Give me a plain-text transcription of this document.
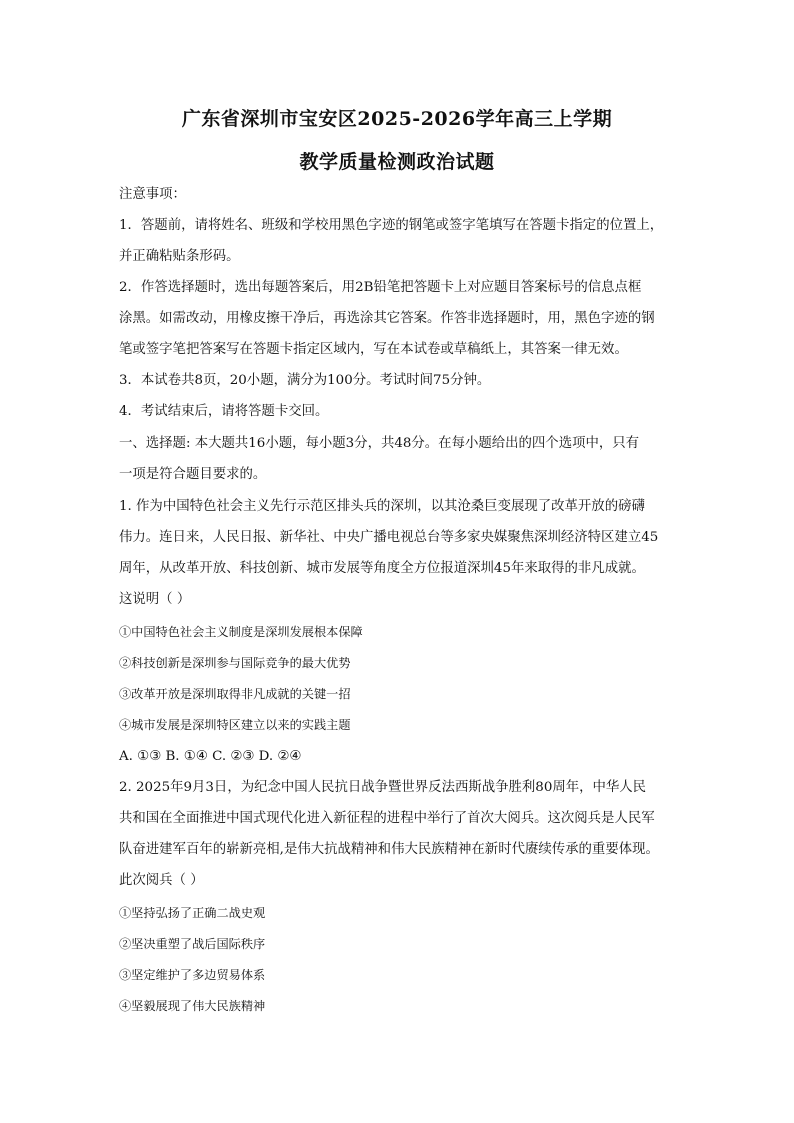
广东省深圳市宝安区2025-2026学年高三上学期
教学质量检测政治试题
注意事项：
1．答题前，请将姓名、班级和学校用黑色字迹的钢笔或签字笔填写在答题卡指定的位置上，
并正确粘贴条形码。
2．作答选择题时，选出每题答案后，用2B铅笔把答题卡上对应题目答案标号的信息点框
涂黑。如需改动，用橡皮擦干净后，再选涂其它答案。作答非选择题时，用，黑色字迹的钢
笔或签字笔把答案写在答题卡指定区域内，写在本试卷或草稿纸上，其答案一律无效。
3．本试卷共8页，20小题，满分为100分。考试时间75分钟。
4．考试结束后，请将答题卡交回。
一、选择题: 本大题共16小题，每小题3分，共48分。在每小题给出的四个选项中，只有
一项是符合题目要求的。
1. 作为中国特色社会主义先行示范区排头兵的深圳，以其沧桑巨变展现了改革开放的磅礴
伟力。连日来，人民日报、新华社、中央广播电视总台等多家央媒聚焦深圳经济特区建立45
周年，从改革开放、科技创新、城市发展等角度全方位报道深圳45年来取得的非凡成就。
这说明（ ）
①中国特色社会主义制度是深圳发展根本保障
②科技创新是深圳参与国际竞争的最大优势
③改革开放是深圳取得非凡成就的关键一招
④城市发展是深圳特区建立以来的实践主题
A. ①③ B. ①④ C. ②③ D. ②④
2. 2025年9月3日，为纪念中国人民抗日战争暨世界反法西斯战争胜利80周年，中华人民
共和国在全面推进中国式现代化进入新征程的进程中举行了首次大阅兵。这次阅兵是人民军
队奋进建军百年的崭新亮相,是伟大抗战精神和伟大民族精神在新时代赓续传承的重要体现。
此次阅兵（ ）
①坚持弘扬了正确二战史观
②坚决重塑了战后国际秩序
③坚定维护了多边贸易体系
④坚毅展现了伟大民族精神
